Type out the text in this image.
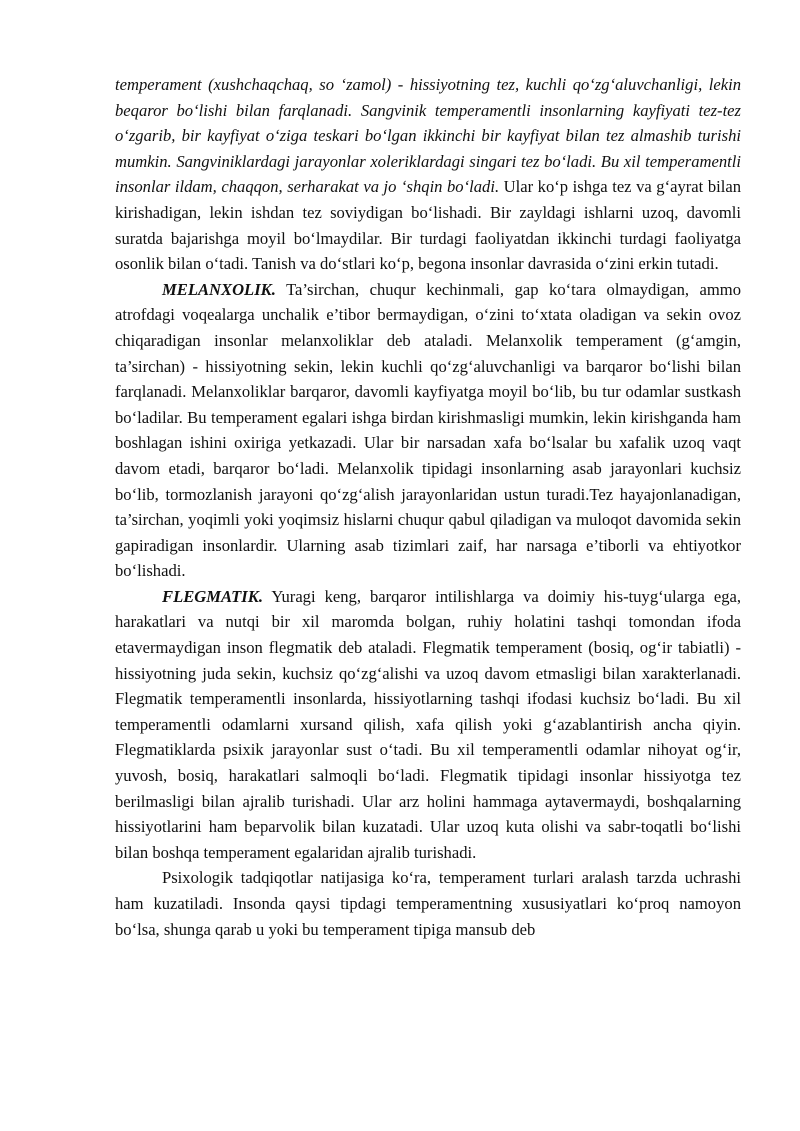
temperament (xushchaqchaq, so ‘zamol) - hissiyotning tez, kuchli qo‘zg‘aluvchanligi, lekin beqaror bo‘lishi bilan farqlanadi. Sangvinik temperamentli insonlarning kayfiyati tez-tez o‘zgarib, bir kayfiyat o‘ziga teskari bo‘lgan ikkinchi bir kayfiyat bilan tez almashib turishi mumkin. Sangviniklardagi jarayonlar xoleriklardagi singari tez bo‘ladi. Bu xil temperamentli insonlar ildam, chaqqon, serharakat va jo ‘shqin bo‘ladi. Ular ko‘p ishga tez va g‘ayrat bilan kirishadigan, lekin ishdan tez soviydigan bo‘lishadi. Bir zayldagi ishlarni uzoq, davomli suratda bajarishga moyil bo‘lmaydilar. Bir turdagi faoliyatdan ikkinchi turdagi faoliyatga osonlik bilan o‘tadi. Tanish va do‘stlari ko‘p, begona insonlar davrasida o‘zini erkin tutadi.

MELANXOLIK. Ta’sirchan, chuqur kechinmali, gap ko‘tara olmaydigan, ammo atrofdagi voqealarga unchalik e’tibor bermaydigan, o‘zini to‘xtata oladigan va sekin ovoz chiqaradigan insonlar melanxoliklar deb ataladi. Melanxolik temperament (g‘amgin, ta’sirchan) - hissiyotning sekin, lekin kuchli qo‘zg‘aluvchanligi va barqaror bo‘lishi bilan farqlanadi. Melanxoliklar barqaror, davomli kayfiyatga moyil bo‘lib, bu tur odamlar sustkash bo‘ladilar. Bu temperament egalari ishga birdan kirishmasligi mumkin, lekin kirishganda ham boshlagan ishini oxiriga yetkazadi. Ular bir narsadan xafa bo‘lsalar bu xafalik uzoq vaqt davom etadi, barqaror bo‘ladi. Melanxolik tipidagi insonlarning asab jarayonlari kuchsiz bo‘lib, tormozlanish jarayoni qo‘zg‘alish jarayonlaridan ustun turadi.Tez hayajonlanadigan, ta’sirchan, yoqimli yoki yoqimsiz hislarni chuqur qabul qiladigan va muloqot davomida sekin gapiradigan insonlardir. Ularning asab tizimlari zaif, har narsaga e’tiborli va ehtiyotkor bo‘lishadi.

FLEGMATIK. Yuragi keng, barqaror intilishlarga va doimiy his-tuyg‘ularga ega, harakatlari va nutqi bir xil maromda bolgan, ruhiy holatini tashqi tomondan ifoda etavermaydigan inson flegmatik deb ataladi. Flegmatik temperament (bosiq, og‘ir tabiatli) - hissiyotning juda sekin, kuchsiz qo‘zg‘alishi va uzoq davom etmasligi bilan xarakterlanadi. Flegmatik temperamentli insonlarda, hissiyotlarning tashqi ifodasi kuchsiz bo‘ladi. Bu xil temperamentli odamlarni xursand qilish, xafa qilish yoki g‘azablantirish ancha qiyin. Flegmatiklarda psixik jarayonlar sust o‘tadi. Bu xil temperamentli odamlar nihoyat og‘ir, yuvosh, bosiq, harakatlari salmoqli bo‘ladi. Flegmatik tipidagi insonlar hissiyotga tez berilmasligi bilan ajralib turishadi. Ular arz holini hammaga aytavermaydi, boshqalarning hissiyotlarini ham beparvolik bilan kuzatadi. Ular uzoq kuta olishi va sabr-toqatli bo‘lishi bilan boshqa temperament egalaridan ajralib turishadi.

Psixologik tadqiqotlar natijasiga ko‘ra, temperament turlari aralash tarzda uchrashi ham kuzatiladi. Insonda qaysi tipdagi temperamentning xususiyatlari ko‘proq namoyon bo‘lsa, shunga qarab u yoki bu temperament tipiga mansub deb
